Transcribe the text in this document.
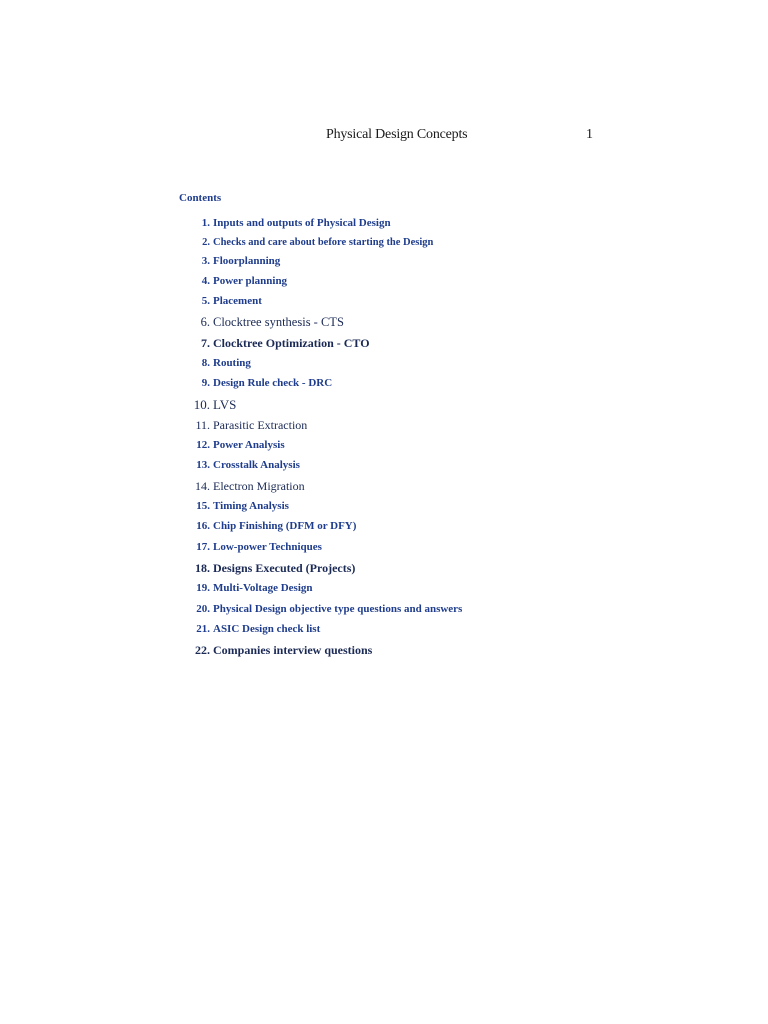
Physical Design Concepts	1
Contents
1. Inputs and outputs of Physical Design
2. Checks and care about before starting the Design
3. Floorplanning
4. Power planning
5. Placement
6. Clocktree synthesis - CTS
7. Clocktree Optimization - CTO
8. Routing
9. Design Rule check - DRC
10. LVS
11. Parasitic Extraction
12. Power Analysis
13. Crosstalk Analysis
14. Electron Migration
15. Timing Analysis
16. Chip Finishing (DFM or DFY)
17. Low-power Techniques
18. Designs Executed (Projects)
19. Multi-Voltage Design
20. Physical Design objective type questions and answers
21. ASIC Design check list
22. Companies interview questions
